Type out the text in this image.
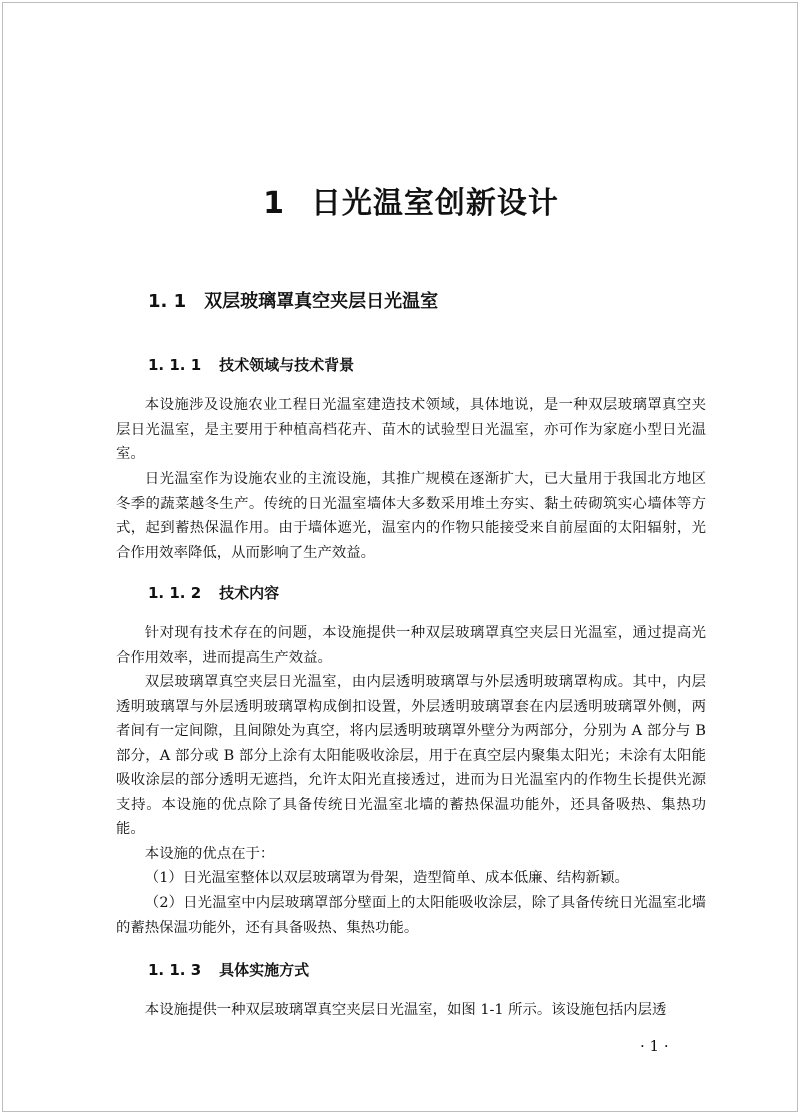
1 日光温室创新设计
1. 1 双层玻璃罩真空夹层日光温室
1. 1. 1 技术领域与技术背景

本设施涉及设施农业工程日光温室建造技术领域，具体地说，是一种双层玻璃罩真空夹层日光温室，是主要用于种植高档花卉、苗木的试验型日光温室，亦可作为家庭小型日光温室。

日光温室作为设施农业的主流设施，其推广规模在逐渐扩大，已大量用于我国北方地区冬季的蔬菜越冬生产。传统的日光温室墙体大多数采用堆土夯实、黏土砖砌筑实心墙体等方式，起到蓄热保温作用。由于墙体遮光，温室内的作物只能接受来自前屋面的太阳辐射，光合作用效率降低，从而影响了生产效益。

1. 1. 2 技术内容

针对现有技术存在的问题，本设施提供一种双层玻璃罩真空夹层日光温室，通过提高光合作用效率，进而提高生产效益。

双层玻璃罩真空夹层日光温室，由内层透明玻璃罩与外层透明玻璃罩构成。其中，内层透明玻璃罩与外层透明玻璃罩构成倒扣设置，外层透明玻璃罩套在内层透明玻璃罩外侧，两者间有一定间隙，且间隙处为真空，将内层透明玻璃罩外壁分为两部分，分别为 A 部分与 B 部分，A 部分或 B 部分上涂有太阳能吸收涂层，用于在真空层内聚集太阳光；未涂有太阳能吸收涂层的部分透明无遮挡，允许太阳光直接透过，进而为日光温室内的作物生长提供光源支持。本设施的优点除了具备传统日光温室北墙的蓄热保温功能外，还具备吸热、集热功能。

本设施的优点在于：

（1）日光温室整体以双层玻璃罩为骨架，造型简单、成本低廉、结构新颖。

（2）日光温室中内层玻璃罩部分壁面上的太阳能吸收涂层，除了具备传统日光温室北墙的蓄热保温功能外，还有具备吸热、集热功能。

1. 1. 3 具体实施方式

本设施提供一种双层玻璃罩真空夹层日光温室，如图 1-1 所示。该设施包括内层透

· 1 ·
